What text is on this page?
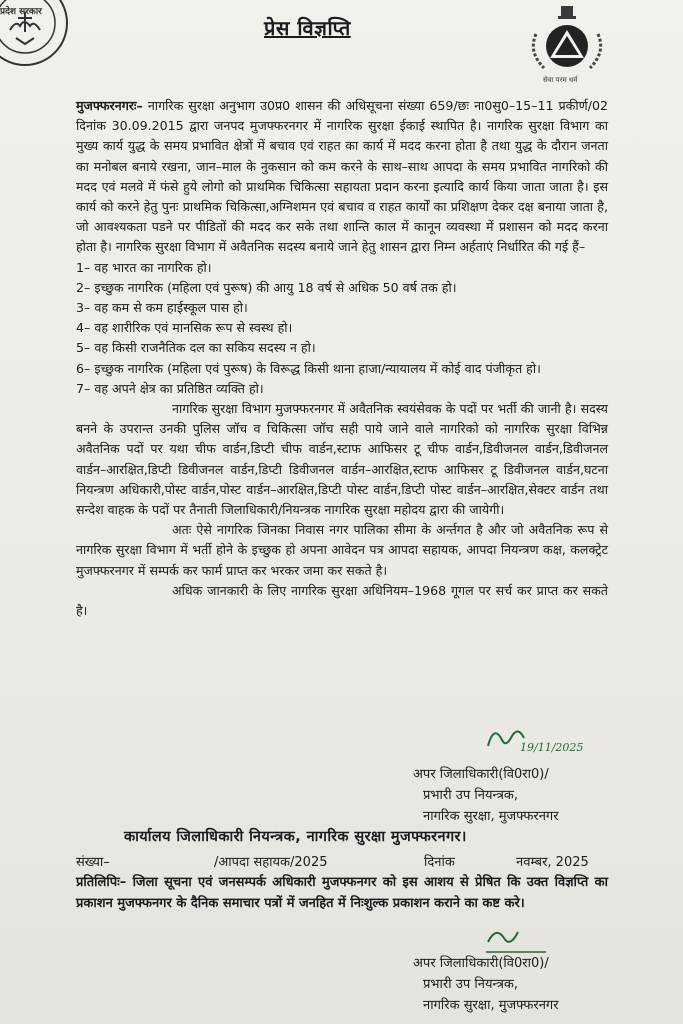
प्रदेश सरकार
सेवा परम धर्म
प्रेस विज्ञप्ति

मुजफ्फरनगरः– नागरिक सुरक्षा अनुभाग उ0प्र0 शासन की अधिसूचना संख्या 659/छः ना0सु0–15–11 प्रकीर्ण/02 दिनांक 30.09.2015 द्वारा जनपद मुजफ्फरनगर में नागरिक सुरक्षा ईकाई स्थापित है। नागरिक सुरक्षा विभाग का मुख्य कार्य युद्ध के समय प्रभावित क्षेत्रों में बचाव एवं राहत का कार्य में मदद करना होता है तथा युद्ध के दौरान जनता का मनोबल बनाये रखना, जान–माल के नुकसान को कम करने के साथ–साथ आपदा के समय प्रभावित नागरिको की मदद एवं मलवे में फंसे हुये लोगो को प्राथमिक चिकित्सा सहायता प्रदान करना इत्यादि कार्य किया जाता जाता है। इस कार्य को करने हेतु पुनः प्राथमिक चिकित्सा,अग्निशमन एवं बचाव व राहत कार्यों का प्रशिक्षण देकर दक्ष बनाया जाता है, जो आवश्यकता पडने पर पीडितों की मदद कर सके तथा शान्ति काल में कानून व्यवस्था में प्रशासन को मदद करना होता है। नागरिक सुरक्षा विभाग में अवैतनिक सदस्य बनाये जाने हेतु शासन द्वारा निम्न अर्हताएं निर्धारित की गई हैं–

1– वह भारत का नागरिक हो।
2– इच्छुक नागरिक (महिला एवं पुरूष) की आयु 18 वर्ष से अधिक 50 वर्ष तक हो।
3– वह कम से कम हाईस्कूल पास हो।
4– वह शारीरिक एवं मानसिक रूप से स्वस्थ हो।
5– वह किसी राजनैतिक दल का सकिय सदस्य न हो।
6– इच्छुक नागरिक (महिला एवं पुरूष) के विरूद्ध किसी थाना हाजा/न्यायालय में कोई वाद पंजीकृत हो।
7– वह अपने क्षेत्र का प्रतिष्ठित व्यक्ति हो।

नागरिक सुरक्षा विभाग मुजफ्फरनगर में अवैतनिक स्वयंसेवक के पदों पर भर्ती की जानी है। सदस्य बनने के उपरान्त उनकी पुलिस जॉच व चिकित्सा जॉच सही पाये जाने वाले नागरिको को नागरिक सुरक्षा विभिन्न अवैतनिक पदों पर यथा चीफ वार्डन,डिप्टी चीफ वार्डन,स्टाफ आफिसर टू चीफ वार्डन,डिवीजनल वार्डन,डिवीजनल वार्डन–आरक्षित,डिप्टी डिवीजनल वार्डन,डिप्टी डिवीजनल वार्डन–आरक्षित,स्टाफ आफिसर टू डिवीजनल वार्डन,घटना नियन्त्रण अधिकारी,पोस्ट वार्डन,पोस्ट वार्डन–आरक्षित,डिप्टी पोस्ट वार्डन,डिप्टी पोस्ट वार्डन–आरक्षित,सेक्टर वार्डन तथा सन्देश वाहक के पदों पर तैनाती जिलाधिकारी/नियन्त्रक नागरिक सुरक्षा महोदय द्वारा की जायेगी।

अतः ऐसे नागरिक जिनका निवास नगर पालिका सीमा के अर्न्तगत है और जो अवैतनिक रूप से नागरिक सुरक्षा विभाग में भर्ती होने के इच्छुक हो अपना आवेदन पत्र आपदा सहायक, आपदा नियन्त्रण कक्ष, कलक्ट्रेट मुजफ्फरनगर में सम्पर्क कर फार्म प्राप्त कर भरकर जमा कर सकते है।

अधिक जानकारी के लिए नागरिक सुरक्षा अधिनियम–1968 गूगल पर सर्च कर प्राप्त कर सकते है।

19/11/2025
अपर जिलाधिकारी(वि0रा0)/
प्रभारी उप नियन्त्रक,
नागरिक सुरक्षा, मुजफ्फरनगर
कार्यालय जिलाधिकारी नियन्त्रक, नागरिक सुरक्षा मुजफ्फरनगर।
संख्या–	/आपदा सहायक/2025	दिनांक	नवम्बर, 2025
प्रतिलिपिः– जिला सूचना एवं जनसम्पर्क अधिकारी मुजफ्फनगर को इस आशय से प्रेषित कि उक्त विज्ञप्ति का प्रकाशन मुजफ्फनगर के दैनिक समाचार पत्रों में जनहित में निःशुल्क प्रकाशन कराने का कष्ट करे।
अपर जिलाधिकारी(वि0रा0)/
प्रभारी उप नियन्त्रक,
नागरिक सुरक्षा, मुजफ्फरनगर
